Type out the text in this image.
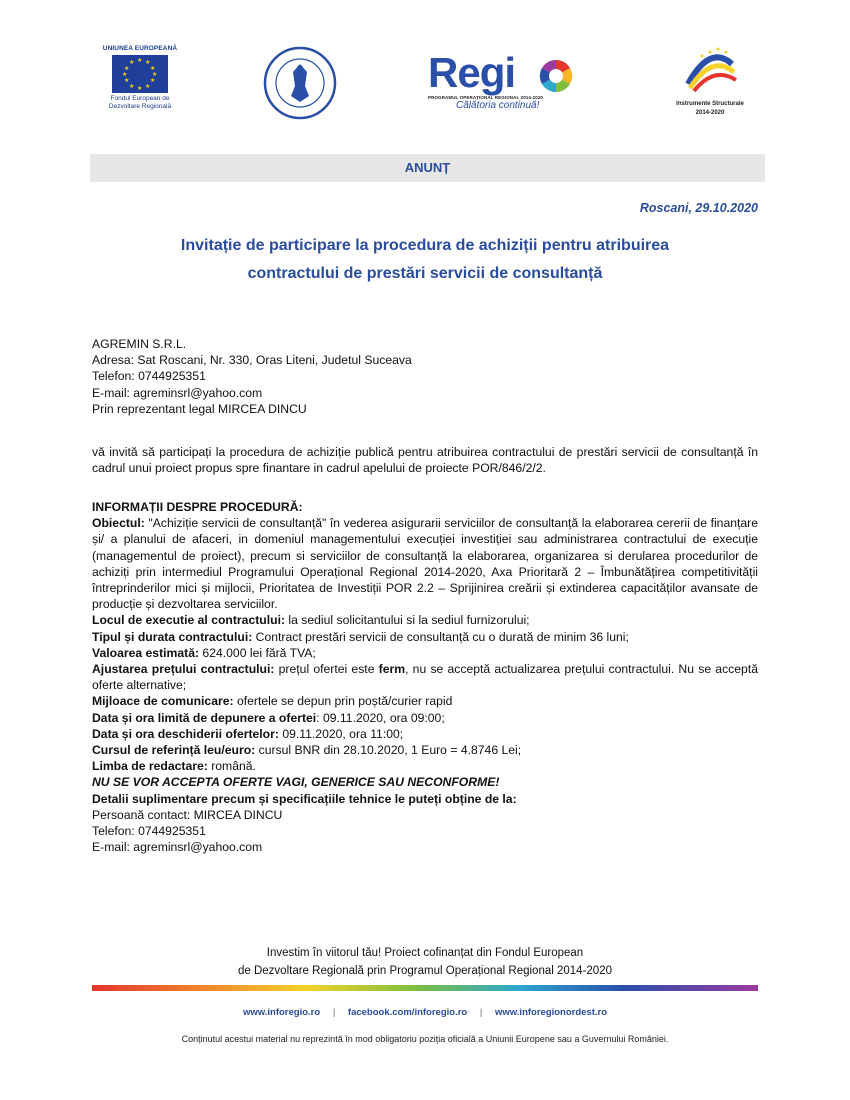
UNIUNEA EUROPEANĂ
★ ★
★
★
★
★
★
★
★
★
★
★
Fondul European de
Dezvoltare Regională
Regi
PROGRAMUL OPERAȚIONAL REGIONAL 2014-2020
Călătoria continuă!	Instrumente Structurale
2014-2020
ANUNȚ
Roscani, 29.10.2020
Invitație de participare la procedura de achiziții pentru atribuirea
contractului de prestări servicii de consultanță
AGREMIN S.R.L.
Adresa: Sat Roscani, Nr. 330, Oras Liteni, Judetul Suceava
Telefon: 0744925351
E-mail: agreminsrl@yahoo.com
Prin reprezentant legal MIRCEA DINCU
vă invită să participați la procedura de achiziție publică pentru atribuirea contractului de prestări servicii de consultanță în cadrul unui proiect propus spre finantare in cadrul apelului de proiecte POR/846/2/2.

INFORMAȚII DESPRE PROCEDURĂ:

Obiectul: "Achiziție servicii de consultanță" în vederea asigurarii serviciilor de consultanță la elaborarea cererii de finanțare și/ a planului de afaceri, in domeniul managementului execuției investiției sau administrarea contractului de execuție (managementul de proiect), precum si serviciilor de consultanță la elaborarea, organizarea si derularea procedurilor de achiziți prin intermediul Programului Operațional Regional 2014-2020, Axa Prioritară 2 – Îmbunătățirea competitivității întreprinderilor mici și mijlocii, Prioritatea de Investiții POR 2.2 – Sprijinirea creării și extinderea capacităților avansate de producție și dezvoltarea serviciilor.

Locul de executie al contractului: la sediul solicitantului si la sediul furnizorului;

Tipul și durata contractului: Contract prestări servicii de consultanță cu o durată de minim 36 luni;

Valoarea estimată: 624.000 lei fără TVA;

Ajustarea prețului contractului: prețul ofertei este ferm, nu se acceptă actualizarea prețului contractului. Nu se acceptă oferte alternative;

Mijloace de comunicare: ofertele se depun prin poștă/curier rapid

Data și ora limită de depunere a ofertei: 09.11.2020, ora 09:00;

Data și ora deschiderii ofertelor: 09.11.2020, ora 11:00;

Cursul de referință leu/euro: cursul BNR din 28.10.2020, 1 Euro = 4.8746 Lei;

Limba de redactare: română.

NU SE VOR ACCEPTA OFERTE VAGI, GENERICE SAU NECONFORME!

Detalii suplimentare precum și specificațiile tehnice le puteți obține de la:

Persoană contact: MIRCEA DINCU

Telefon: 0744925351

E-mail: agreminsrl@yahoo.com

Investim în viitorul tău! Proiect cofinanțat din Fondul European
de Dezvoltare Regională prin Programul Operațional Regional 2014-2020
www.inforegio.ro | facebook.com/inforegio.ro | www.inforegionordest.ro
Conținutul acestui material nu reprezintă în mod obligatoriu poziția oficială a Uniunii Europene sau a Guvernului României.
